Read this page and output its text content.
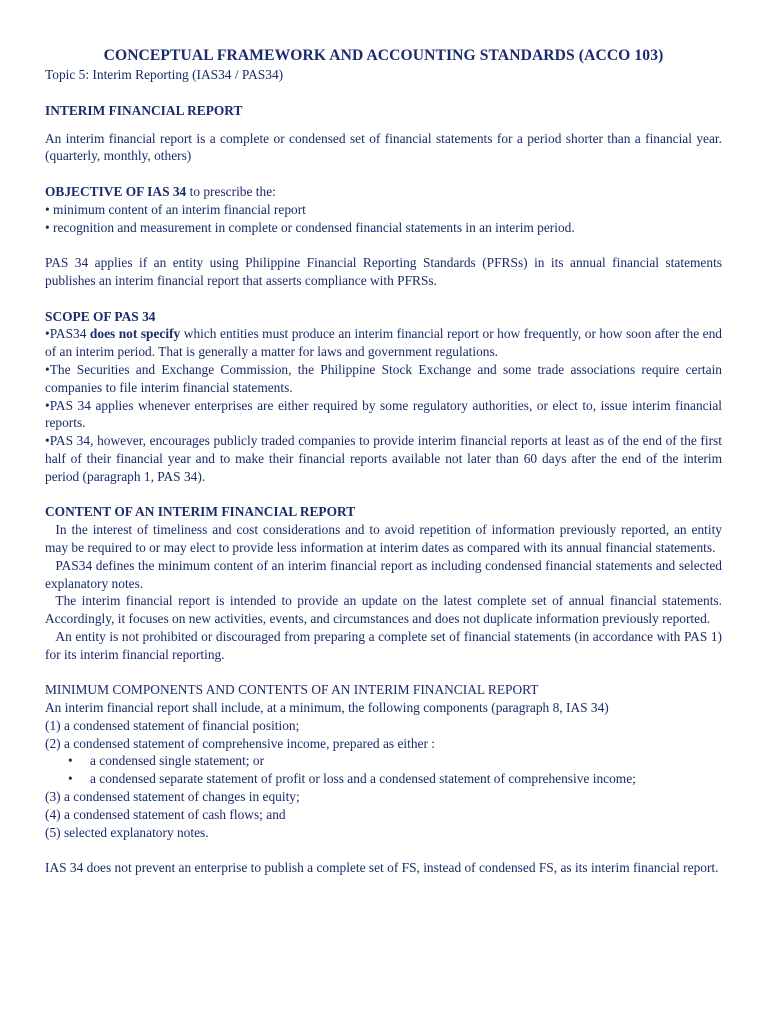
CONCEPTUAL FRAMEWORK AND ACCOUNTING STANDARDS (ACCO 103)

Topic 5: Interim Reporting (IAS34 / PAS34)

INTERIM FINANCIAL REPORT

An interim financial report is a complete or condensed set of financial statements for a period shorter than a financial year. (quarterly, monthly, others)

OBJECTIVE OF IAS 34 to prescribe the:

• minimum content of an interim financial report

• recognition and measurement in complete or condensed financial statements in an interim period.

PAS 34 applies if an entity using Philippine Financial Reporting Standards (PFRSs) in its annual financial statements publishes an interim financial report that asserts compliance with PFRSs.

SCOPE OF PAS 34

•PAS34 does not specify which entities must produce an interim financial report or how frequently, or how soon after the end of an interim period. That is generally a matter for laws and government regulations.

•The Securities and Exchange Commission, the Philippine Stock Exchange and some trade associations require certain companies to file interim financial statements.

•PAS 34 applies whenever enterprises are either required by some regulatory authorities, or elect to, issue interim financial reports.

•PAS 34, however, encourages publicly traded companies to provide interim financial reports at least as of the end of the first half of their financial year and to make their financial reports available not later than 60 days after the end of the interim period (paragraph 1, PAS 34).

CONTENT OF AN INTERIM FINANCIAL REPORT

In the interest of timeliness and cost considerations and to avoid repetition of information previously reported, an entity may be required to or may elect to provide less information at interim dates as compared with its annual financial statements.

PAS34 defines the minimum content of an interim financial report as including condensed financial statements and selected explanatory notes.

The interim financial report is intended to provide an update on the latest complete set of annual financial statements. Accordingly, it focuses on new activities, events, and circumstances and does not duplicate information previously reported.

An entity is not prohibited or discouraged from preparing a complete set of financial statements (in accordance with PAS 1) for its interim financial reporting.

MINIMUM COMPONENTS AND CONTENTS OF AN INTERIM FINANCIAL REPORT

An interim financial report shall include, at a minimum, the following components (paragraph 8, IAS 34)

(1) a condensed statement of financial position;

(2) a condensed statement of comprehensive income, prepared as either :

• a condensed single statement; or
• a condensed separate statement of profit or loss and a condensed statement of comprehensive income;

(3) a condensed statement of changes in equity;

(4) a condensed statement of cash flows; and

(5) selected explanatory notes.

IAS 34 does not prevent an enterprise to publish a complete set of FS, instead of condensed FS, as its interim financial report.
